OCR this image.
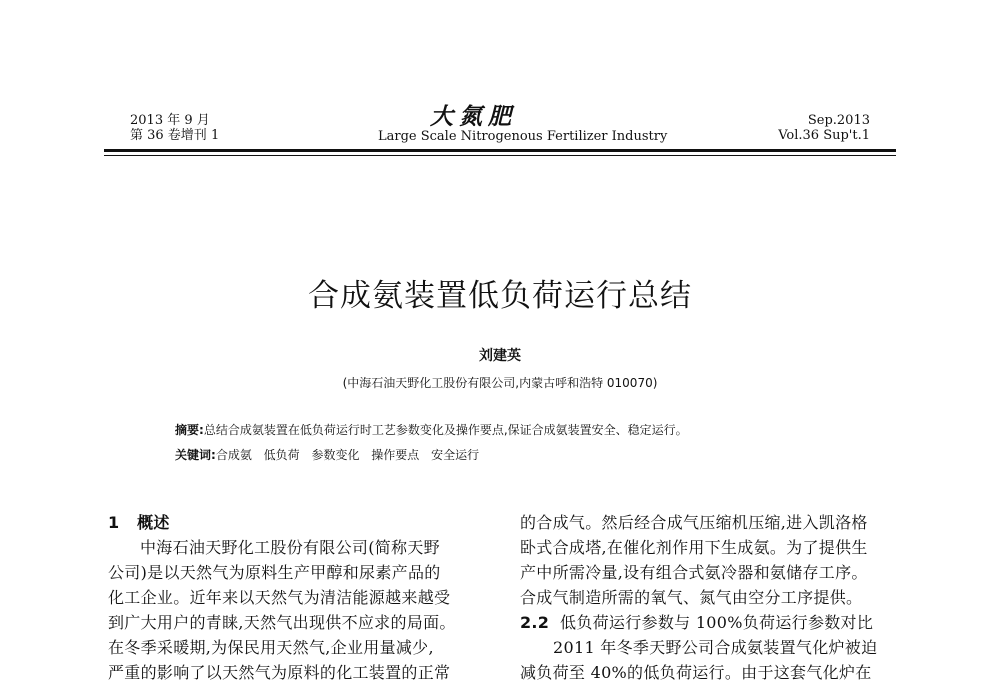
2013 年 9 月
第 36 卷增刊 1
大氮肥
Large Scale Nitrogenous Fertilizer Industry
Sep.2013
Vol.36 Sup't.1
合成氨装置低负荷运行总结
刘建英
(中海石油天野化工股份有限公司,内蒙古呼和浩特 010070)
摘要:总结合成氨装置在低负荷运行时工艺参数变化及操作要点,保证合成氨装置安全、稳定运行。
关键词:合成氨 低负荷 参数变化 操作要点 安全运行
1 概述
中海石油天野化工股份有限公司(简称天野
公司)是以天然气为原料生产甲醇和尿素产品的
化工企业。近年来以天然气为清洁能源越来越受
到广大用户的青睐,天然气出现供不应求的局面。
在冬季采暖期,为保民用天然气,企业用量减少,
严重的影响了以天然气为原料的化工装置的正常
的合成气。然后经合成气压缩机压缩,进入凯洛格
卧式合成塔,在催化剂作用下生成氨。为了提供生
产中所需冷量,设有组合式氨冷器和氨储存工序。
合成气制造所需的氧气、氮气由空分工序提供。
2.2 低负荷运行参数与 100%负荷运行参数对比
2011 年冬季天野公司合成氨装置气化炉被迫
减负荷至 40%的低负荷运行。由于这套气化炉在
